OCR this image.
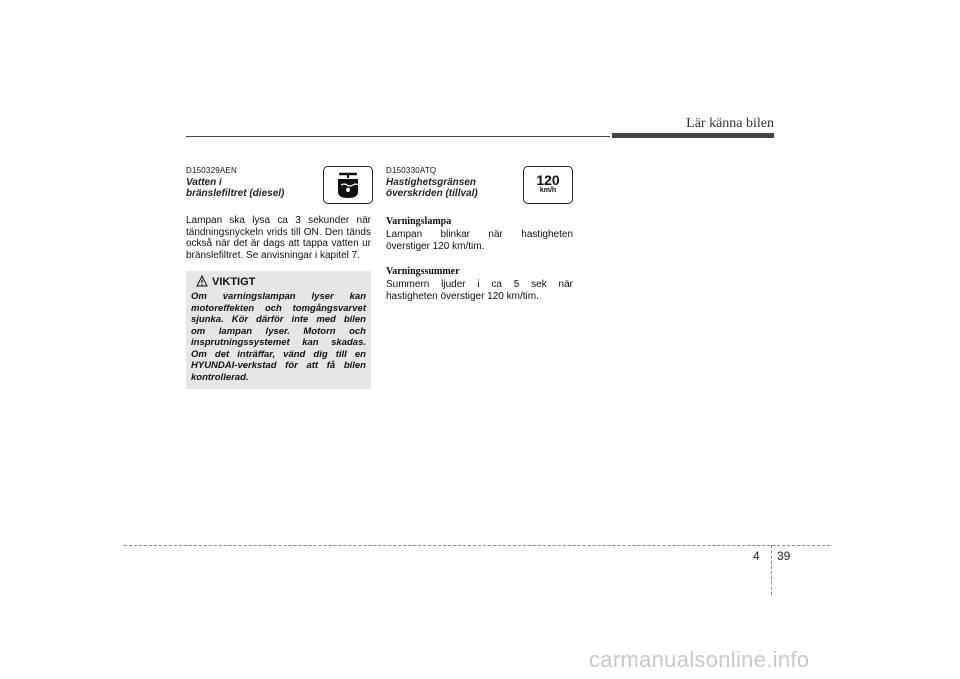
Lär känna bilen
D150329AEN
Vatten i
bränslefiltret (diesel)
Lampan ska lysa ca 3 sekunder när
tändningsnyckeln vrids till ON. Den tänds
också när det är dags att tappa vatten ur
bränslefiltret. Se anvisningar i kapitel 7.
VIKTIGT
Om varningslampan lyser kan
motoreffekten och tomgångsvarvet
sjunka. Kör därför inte med bilen
om lampan lyser. Motorn och
insprutningssystemet kan skadas.
Om det inträffar, vänd dig till en
HYUNDAI-verkstad för att få bilen
kontrollerad.
D150330ATQ
Hastighetsgränsen
överskriden (tillval)
120
km/h
Varningslampa
Lampan blinkar när hastigheten
överstiger 120 km/tim.
Varningssummer
Summern ljuder i ca 5 sek när
hastigheten överstiger 120 km/tim.
4 39
carmanualsonline.info
